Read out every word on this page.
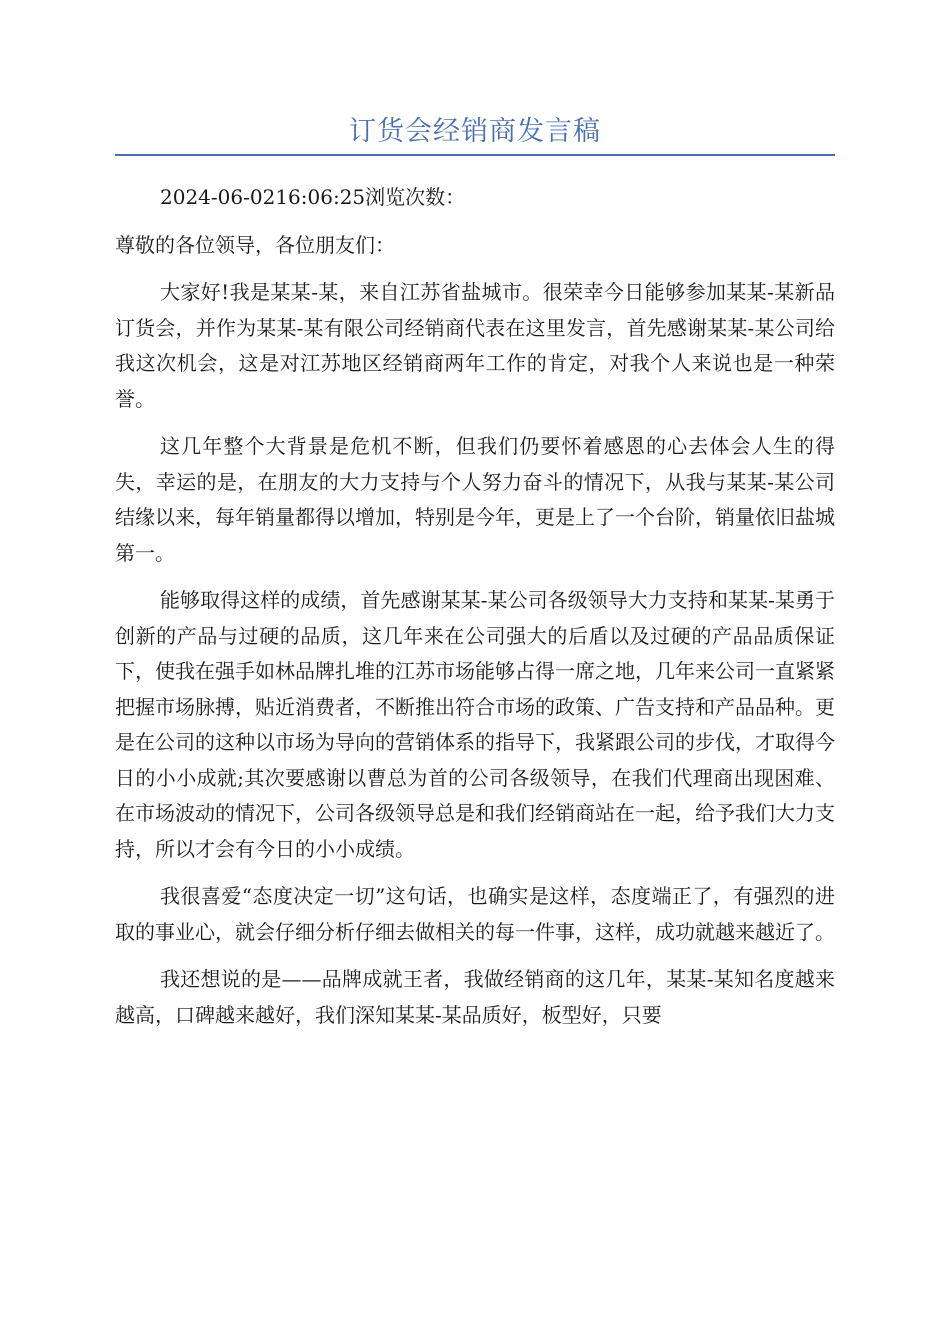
订货会经销商发言稿

2024-06-0216:06:25浏览次数：

尊敬的各位领导，各位朋友们：

大家好!我是某某-某，来自江苏省盐城市。很荣幸今日能够参加某某-某新品订货会，并作为某某-某有限公司经销商代表在这里发言，首先感谢某某-某公司给我这次机会，这是对江苏地区经销商两年工作的肯定，对我个人来说也是一种荣誉。

这几年整个大背景是危机不断，但我们仍要怀着感恩的心去体会人生的得失，幸运的是，在朋友的大力支持与个人努力奋斗的情况下，从我与某某-某公司结缘以来，每年销量都得以增加，特别是今年，更是上了一个台阶，销量依旧盐城第一。

能够取得这样的成绩，首先感谢某某-某公司各级领导大力支持和某某-某勇于创新的产品与过硬的品质，这几年来在公司强大的后盾以及过硬的产品品质保证下，使我在强手如林品牌扎堆的江苏市场能够占得一席之地，几年来公司一直紧紧把握市场脉搏，贴近消费者，不断推出符合市场的政策、广告支持和产品品种。更是在公司的这种以市场为导向的营销体系的指导下，我紧跟公司的步伐，才取得今日的小小成就;其次要感谢以曹总为首的公司各级领导，在我们代理商出现困难、在市场波动的情况下，公司各级领导总是和我们经销商站在一起，给予我们大力支持，所以才会有今日的小小成绩。

我很喜爱“态度决定一切”这句话，也确实是这样，态度端正了，有强烈的进取的事业心，就会仔细分析仔细去做相关的每一件事，这样，成功就越来越近了。

我还想说的是——品牌成就王者，我做经销商的这几年，某某-某知名度越来越高，口碑越来越好，我们深知某某-某品质好，板型好，只要
